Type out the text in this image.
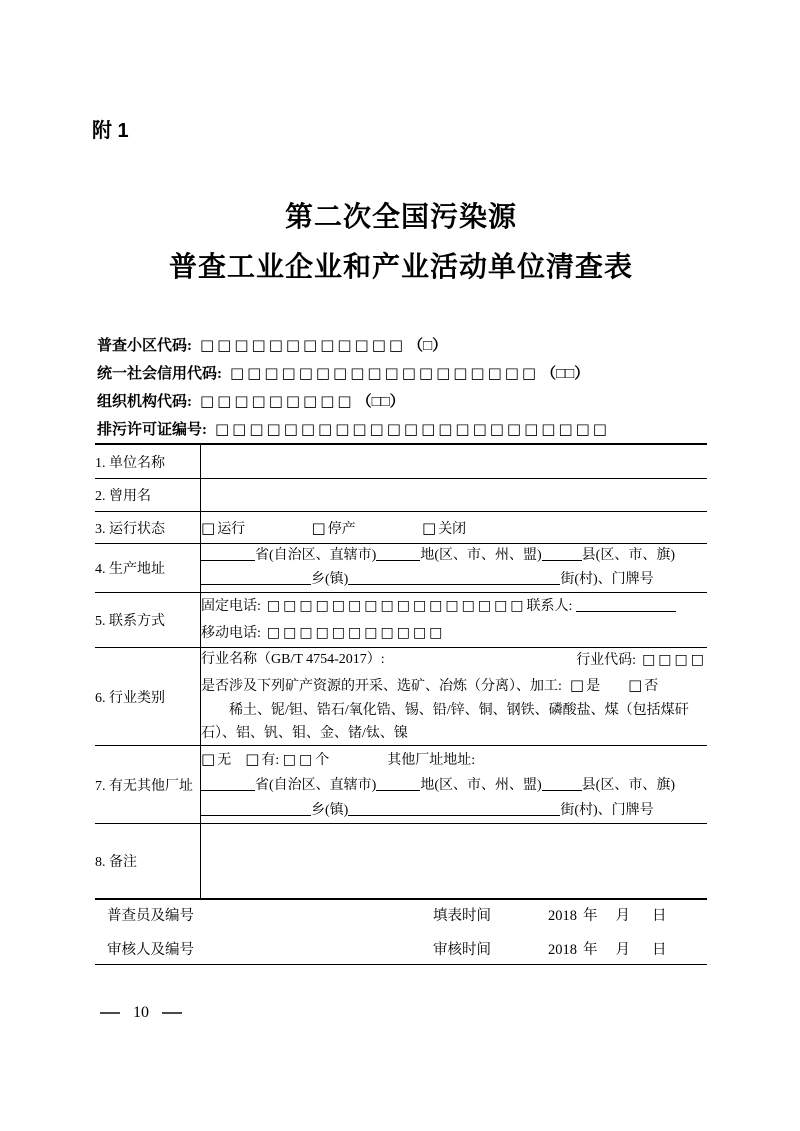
附 1
第二次全国污染源
普查工业企业和产业活动单位清查表
普查小区代码: □□□□□□□□□□□□ （□）
统一社会信用代码: □□□□□□□□□□□□□□□□□□ （□□）
组织机构代码: □□□□□□□□□ （□□）
排污许可证编号: □□□□□□□□□□□□□□□□□□□□□□□
1. 单位名称	
2. 曾用名	
3. 运行状态	□ 运行 □ 停产 □ 关闭
4. 生产地址	省(自治区、直辖市) 地(区、市、州、盟) 县(区、市、旗)
乡(镇) 街(村)、门牌号

5. 联系方式	固定电话: □□□□□□□□□□□□□□□□联系人:
移动电话: □□□□□□□□□□□

6. 行业类别	行业名称（GB/T 4754-2017）: 行业代码: □□□□
是否涉及下列矿产资源的开采、选矿、冶炼（分离）、加工: □ 是 □ 否

稀土、铌/钽、锆石/氧化锆、锡、铅/锌、铜、钢铁、磷酸盐、煤（包括煤矸石）、铝、钒、钼、金、锗/钛、镍

7. 有无其他厂址	□ 无 □ 有: □□个 其他厂址地址:
省(自治区、直辖市) 地(区、市、州、盟) 县(区、市、旗)
乡(镇) 街(村)、门牌号

8. 备注	
普查员及编号	填表时间	2018 年 月 日
审核人及编号	审核时间	2018 年 月 日
10
